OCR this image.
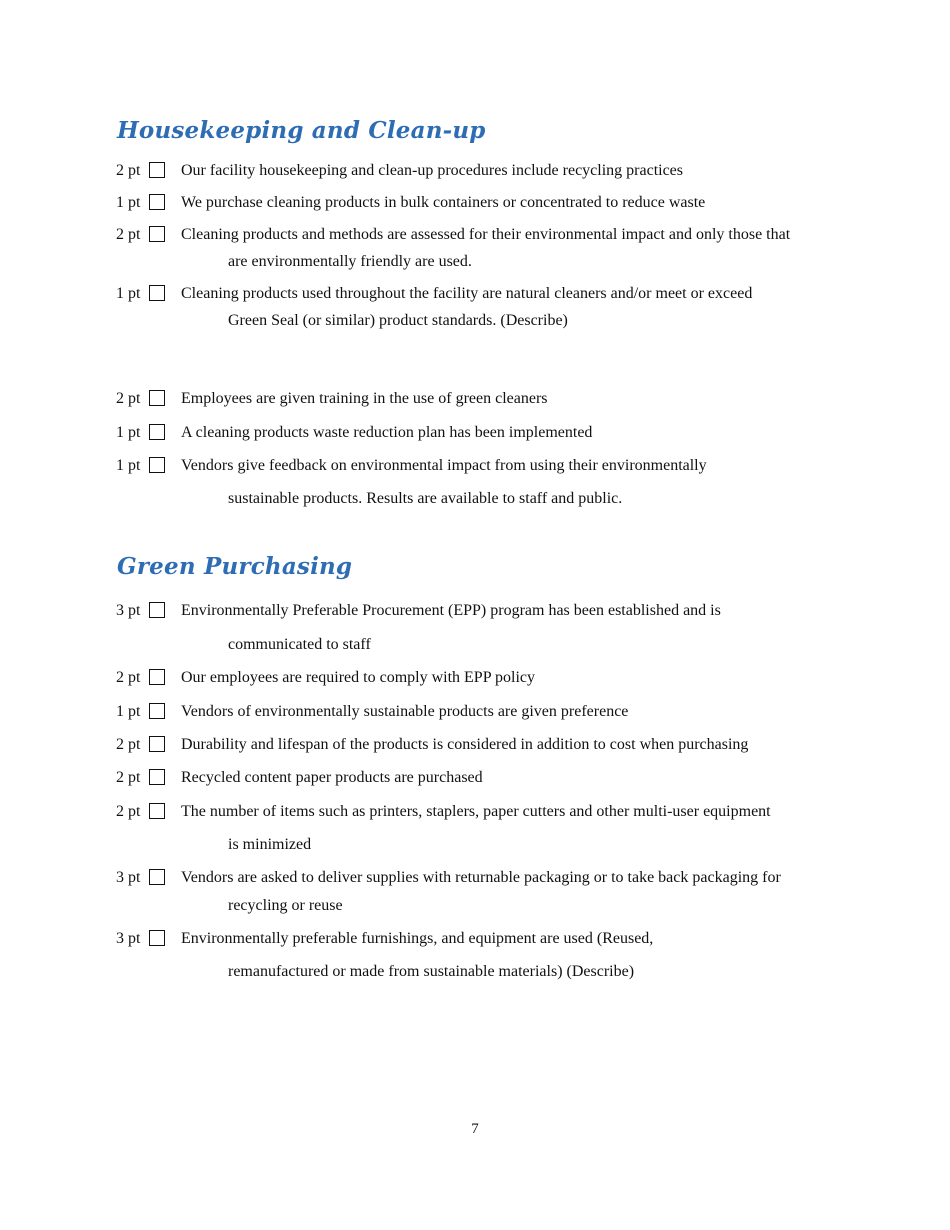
Housekeeping and Clean-up
2 pt	Our facility housekeeping and clean-up procedures include recycling practices
1 pt	We purchase cleaning products in bulk containers or concentrated to reduce waste
2 pt	Cleaning products and methods are assessed for their environmental impact and only those that
are environmentally friendly are used.
1 pt	Cleaning products used throughout the facility are natural cleaners and/or meet or exceed
Green Seal (or similar) product standards. (Describe)
2 pt	Employees are given training in the use of green cleaners
1 pt	A cleaning products waste reduction plan has been implemented
1 pt	Vendors give feedback on environmental impact from using their environmentally
sustainable products. Results are available to staff and public.
Green Purchasing
3 pt	Environmentally Preferable Procurement (EPP) program has been established and is
communicated to staff
2 pt	Our employees are required to comply with EPP policy
1 pt	Vendors of environmentally sustainable products are given preference
2 pt	Durability and lifespan of the products is considered in addition to cost when purchasing
2 pt	Recycled content paper products are purchased
2 pt	The number of items such as printers, staplers, paper cutters and other multi-user equipment
is minimized
3 pt	Vendors are asked to deliver supplies with returnable packaging or to take back packaging for
recycling or reuse
3 pt	Environmentally preferable furnishings, and equipment are used (Reused,
remanufactured or made from sustainable materials) (Describe)
7
